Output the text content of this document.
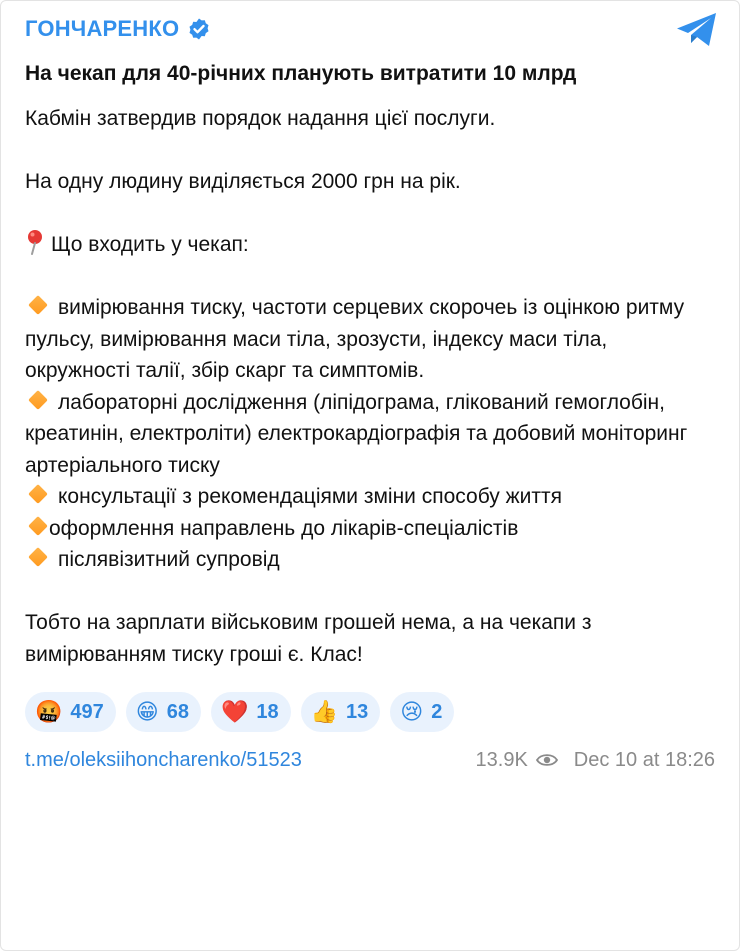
ГОНЧАРЕНКО
На чекап для 40-річних планують витратити 10 млрд

Кабмін затвердив порядок надання цієї послуги.

На одну людину виділяється 2000 грн на рік.

Що входить у чекап:

вимірювання тиску, частоти серцевих скорочеь із оцінкою ритму пульсу, вимірювання маси тіла, зрозусти, індексу маси тіла, окружності талії, збір скарг та симптомів.
лабораторні дослідження (ліпідограма, глікований гемоглобін, креатинін, електроліти) електрокардіографія та добовий моніторинг артеріального тиску
консультації з рекомендаціями зміни способу життя
оформлення направлень до лікарів-спеціалістів
післявізитний супровід

Тобто на зарплати військовим грошей нема, а на чекапи з вимірюванням тиску гроші є. Клас!

🤬 497 😁 68 ❤️ 18 👍 13 😢 2
t.me/oleksiihoncharenko/51523	13.9K Dec 10 at 18:26
